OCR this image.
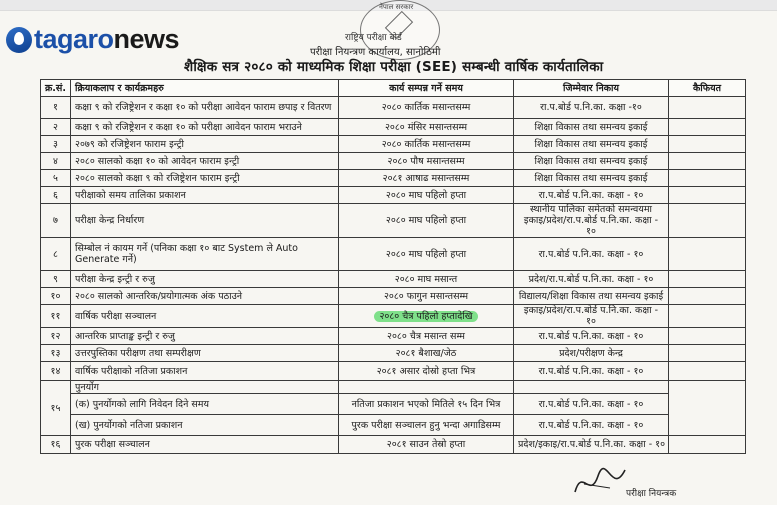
tagaronews
नेपाल सरकार
राष्ट्रिय परीक्षा बोर्ड
परीक्षा नियन्त्रण कार्यालय, सानोठिमी
शैक्षिक सत्र २०८० को माध्यमिक शिक्षा परीक्षा (SEE) सम्बन्धी वार्षिक कार्यतालिका
क्र.सं.	क्रियाकलाप र कार्यक्रमहरु	कार्य सम्पन्न गर्ने समय	जिम्मेवार निकाय	कैफियत
१	कक्षा ९ को रजिष्ट्रेशन र कक्षा १० को परीक्षा आवेदन फाराम छपाइ र वितरण	२०८० कार्तिक मसान्तसम्म	रा.प.बोर्ड प.नि.का. कक्षा -१०	
२	कक्षा ९ को रजिष्ट्रेशन र कक्षा १० को परीक्षा आवेदन फाराम भराउने	२०८० मंसिर मसान्तसम्म	शिक्षा विकास तथा समन्वय इकाई	
३	२०७९ को रजिष्ट्रेशन फाराम इन्ट्री	२०८० कार्तिक मसान्तसम्म	शिक्षा विकास तथा समन्वय इकाई	
४	२०८० सालको कक्षा १० को आवेदन फाराम इन्ट्री	२०८० पौष मसान्तसम्म	शिक्षा विकास तथा समन्वय इकाई	
५	२०८० सालको कक्षा ९ को रजिष्ट्रेशन फाराम इन्ट्री	२०८१ आषाढ मसान्तसम्म	शिक्षा विकास तथा समन्वय इकाई	
६	परीक्षाको समय तालिका प्रकाशन	२०८० माघ पहिलो हप्ता	रा.प.बोर्ड प.नि.का. कक्षा - १०	
७	परीक्षा केन्द्र निर्धारण	२०८० माघ पहिलो हप्ता	स्थानीय पालिका समेतको समन्वयमा इकाइ/प्रदेश/रा.प.बोर्ड प.नि.का. कक्षा - १०	
८	सिम्बोल नं कायम गर्ने (पनिका कक्षा १० बाट System ले Auto Generate गर्ने)	२०८० माघ पहिलो हप्ता	रा.प.बोर्ड प.नि.का. कक्षा - १०	
९	परीक्षा केन्द्र इन्ट्री र रुजु	२०८० माघ मसान्त	प्रदेश/रा.प.बोर्ड प.नि.का. कक्षा - १०	
१०	२०८० सालको आन्तरिक/प्रयोगात्मक अंक पठाउने	२०८० फागुन मसान्तसम्म	विद्यालय/शिक्षा विकास तथा समन्वय इकाई	
११	वार्षिक परीक्षा सञ्चालन	२०८० चैत्र पहिलो हप्तादेखि	इकाइ/प्रदेश/रा.प.बोर्ड प.नि.का. कक्षा - १०	
१२	आन्तरिक प्राप्ताङ्क इन्ट्री र रुजु	२०८० चैत्र मसान्त सम्म	रा.प.बोर्ड प.नि.का. कक्षा - १०	
१३	उत्तरपुस्तिका परीक्षण तथा सम्परीक्षण	२०८१ बैशाख/जेठ	प्रदेश/परीक्षण केन्द्र	
१४	वार्षिक परीक्षाको नतिजा प्रकाशन	२०८१ असार दोस्रो हप्ता भित्र	रा.प.बोर्ड प.नि.का. कक्षा - १०	
१५	पुनर्योग			
	(क) पुनर्योगको लागि निवेदन दिने समय	नतिजा प्रकाशन भएको मितिले १५ दिन भित्र	रा.प.बोर्ड प.नि.का. कक्षा - १०	
	(ख) पुनर्योगको नतिजा प्रकाशन	पुरक परीक्षा सञ्चालन हुनु भन्दा अगाडिसम्म	रा.प.बोर्ड प.नि.का. कक्षा - १०	
१६	पुरक परीक्षा सञ्चालन	२०८१ साउन तेस्रो हप्ता	प्रदेश/इकाइ/रा.प.बोर्ड प.नि.का. कक्षा - १०	
परीक्षा नियन्त्रक
